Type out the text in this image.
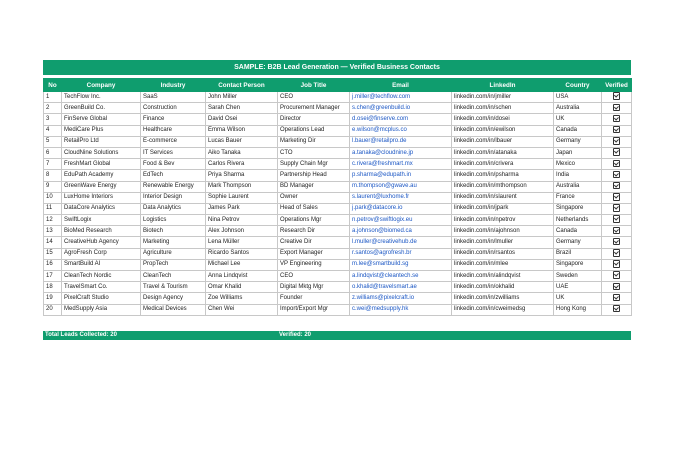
SAMPLE: B2B Lead Generation — Verified Business Contacts
No	Company	Industry	Contact Person	Job Title	Email	LinkedIn	Country	Verified
1	TechFlow Inc.	SaaS	John Miller	CEO	j.miller@techflow.com	linkedin.com/in/jmiller	USA	
2	GreenBuild Co.	Construction	Sarah Chen	Procurement Manager	s.chen@greenbuild.io	linkedin.com/in/schen	Australia	
3	FinServe Global	Finance	David Osei	Director	d.osei@finserve.com	linkedin.com/in/dosei	UK	
4	MediCare Plus	Healthcare	Emma Wilson	Operations Lead	e.wilson@mcplus.co	linkedin.com/in/ewilson	Canada	
5	RetailPro Ltd	E-commerce	Lucas Bauer	Marketing Dir	l.bauer@retailpro.de	linkedin.com/in/lbauer	Germany	
6	CloudNine Solutions	IT Services	Aiko Tanaka	CTO	a.tanaka@cloudnine.jp	linkedin.com/in/atanaka	Japan	
7	FreshMart Global	Food & Bev	Carlos Rivera	Supply Chain Mgr	c.rivera@freshmart.mx	linkedin.com/in/crivera	Mexico	
8	EduPath Academy	EdTech	Priya Sharma	Partnership Head	p.sharma@edupath.in	linkedin.com/in/psharma	India	
9	GreenWave Energy	Renewable Energy	Mark Thompson	BD Manager	m.thompson@gwave.au	linkedin.com/in/mthompson	Australia	
10	LuxHome Interiors	Interior Design	Sophie Laurent	Owner	s.laurent@luxhome.fr	linkedin.com/in/slaurent	France	
11	DataCore Analytics	Data Analytics	James Park	Head of Sales	j.park@datacore.io	linkedin.com/in/jpark	Singapore	
12	SwiftLogix	Logistics	Nina Petrov	Operations Mgr	n.petrov@swiftlogix.eu	linkedin.com/in/npetrov	Netherlands	
13	BioMed Research	Biotech	Alex Johnson	Research Dir	a.johnson@biomed.ca	linkedin.com/in/ajohnson	Canada	
14	CreativeHub Agency	Marketing	Lena Müller	Creative Dir	l.muller@creativehub.de	linkedin.com/in/lmuller	Germany	
15	AgroFresh Corp	Agriculture	Ricardo Santos	Export Manager	r.santos@agrofresh.br	linkedin.com/in/rsantos	Brazil	
16	SmartBuild AI	PropTech	Michael Lee	VP Engineering	m.lee@smartbuild.sg	linkedin.com/in/mlee	Singapore	
17	CleanTech Nordic	CleanTech	Anna Lindqvist	CEO	a.lindqvist@cleantech.se	linkedin.com/in/alindqvist	Sweden	
18	TravelSmart Co.	Travel & Tourism	Omar Khalid	Digital Mktg Mgr	o.khalid@travelsmart.ae	linkedin.com/in/okhalid	UAE	
19	PixelCraft Studio	Design Agency	Zoe Williams	Founder	z.williams@pixelcraft.io	linkedin.com/in/zwilliams	UK	
20	MedSupply Asia	Medical Devices	Chen Wei	Import/Export Mgr	c.wei@medsupply.hk	linkedin.com/in/cweimedsg	Hong Kong	
Total Leads Collected: 20	Verified: 20
